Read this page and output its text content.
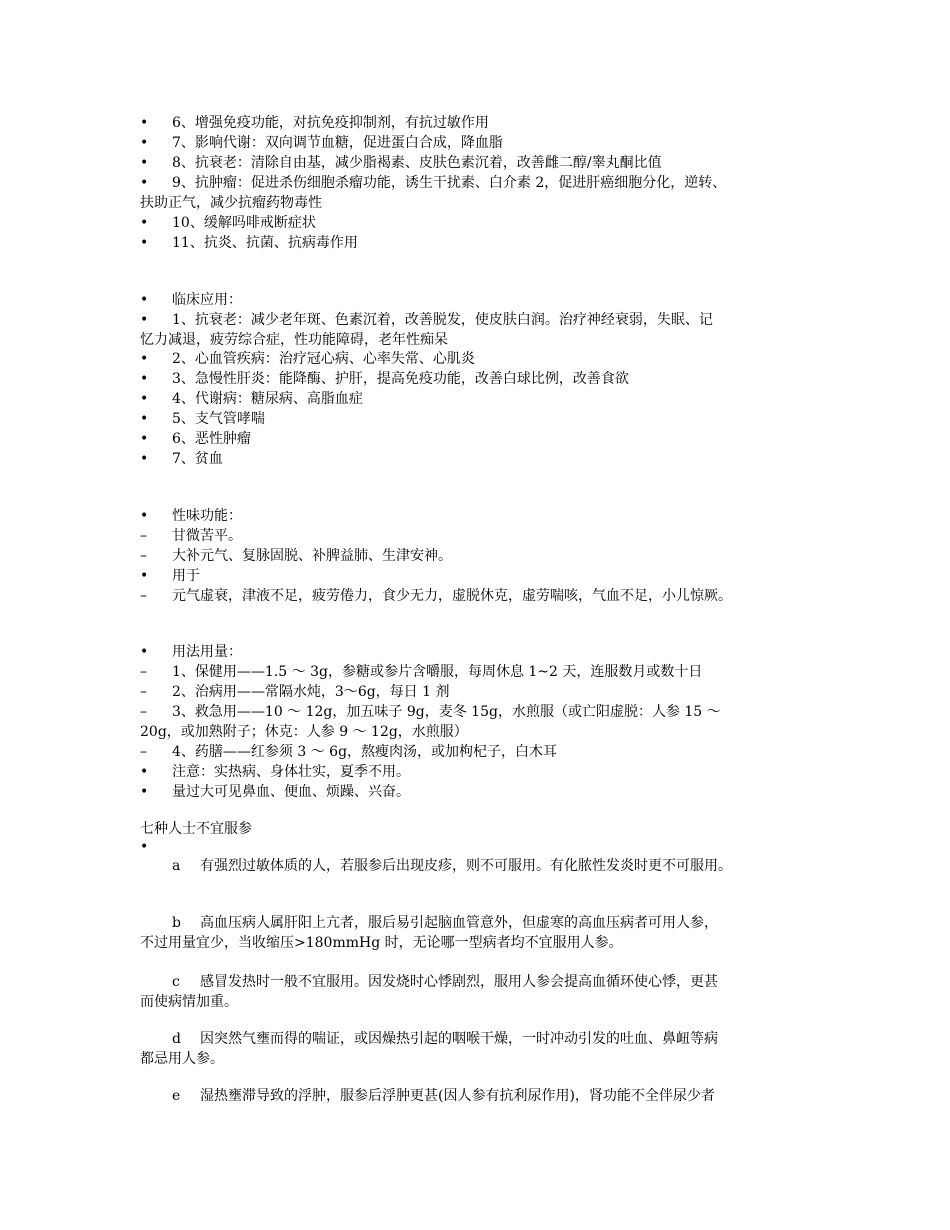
•	6、增强免疫功能，对抗免疫抑制剂，有抗过敏作用
•	7、影响代谢：双向调节血糖，促进蛋白合成，降血脂
•	8、抗衰老：清除自由基，减少脂褐素、皮肤色素沉着，改善雌二醇/睾丸酮比值
•	9、抗肿瘤：促进杀伤细胞杀瘤功能，诱生干扰素、白介素 2，促进肝癌细胞分化，逆转、
扶助正气，减少抗瘤药物毒性
•	10、缓解吗啡戒断症状
•	11、抗炎、抗菌、抗病毒作用
•	临床应用：
•	1、抗衰老：减少老年斑、色素沉着，改善脱发，使皮肤白润。治疗神经衰弱，失眠、记
忆力减退，疲劳综合症，性功能障碍，老年性痴呆
•	2、心血管疾病：治疗冠心病、心率失常、心肌炎
•	3、急慢性肝炎：能降酶、护肝，提高免疫功能，改善白球比例，改善食欲
•	4、代谢病：糖尿病、高脂血症
•	5、支气管哮喘
•	6、恶性肿瘤
•	7、贫血
•	性味功能：
–	甘微苦平。
–	大补元气、复脉固脱、补脾益肺、生津安神。
•	用于
–	元气虚衰，津液不足，疲劳倦力，食少无力，虚脱休克，虚劳喘咳，气血不足，小儿惊厥。
•	用法用量：
–	1、保健用——1.5 ～ 3g，参糖或参片含嚼服，每周休息 1~2 天，连服数月或数十日
–	2、治病用——常隔水炖，3～6g，每日 1 剂
–	3、救急用——10 ～ 12g，加五味子 9g，麦冬 15g，水煎服（或亡阳虚脱：人参 15 ～
20g，或加熟附子；休克：人参 9 ～ 12g，水煎服）
–	4、药膳——红参须 3 ～ 6g，熬瘦肉汤，或加枸杞子，白木耳
•	注意：实热病、身体壮实，夏季不用。
•	量过大可见鼻血、便血、烦躁、兴奋。
七种人士不宜服参
•
a 有强烈过敏体质的人，若服参后出现皮疹，则不可服用。有化脓性发炎时更不可服用。
b 高血压病人属肝阳上亢者，服后易引起脑血管意外，但虚寒的高血压病者可用人参，
不过用量宜少，当收缩压>180mmHg 时，无论哪一型病者均不宜服用人参。
c 感冒发热时一般不宜服用。因发烧时心悸剧烈，服用人参会提高血循环使心悸，更甚
而使病情加重。
d 因突然气壅而得的喘证，或因燥热引起的咽喉干燥，一时冲动引发的吐血、鼻衄等病
都忌用人参。
e 湿热壅滞导致的浮肿，服参后浮肿更甚(因人参有抗利尿作用)，肾功能不全伴尿少者
